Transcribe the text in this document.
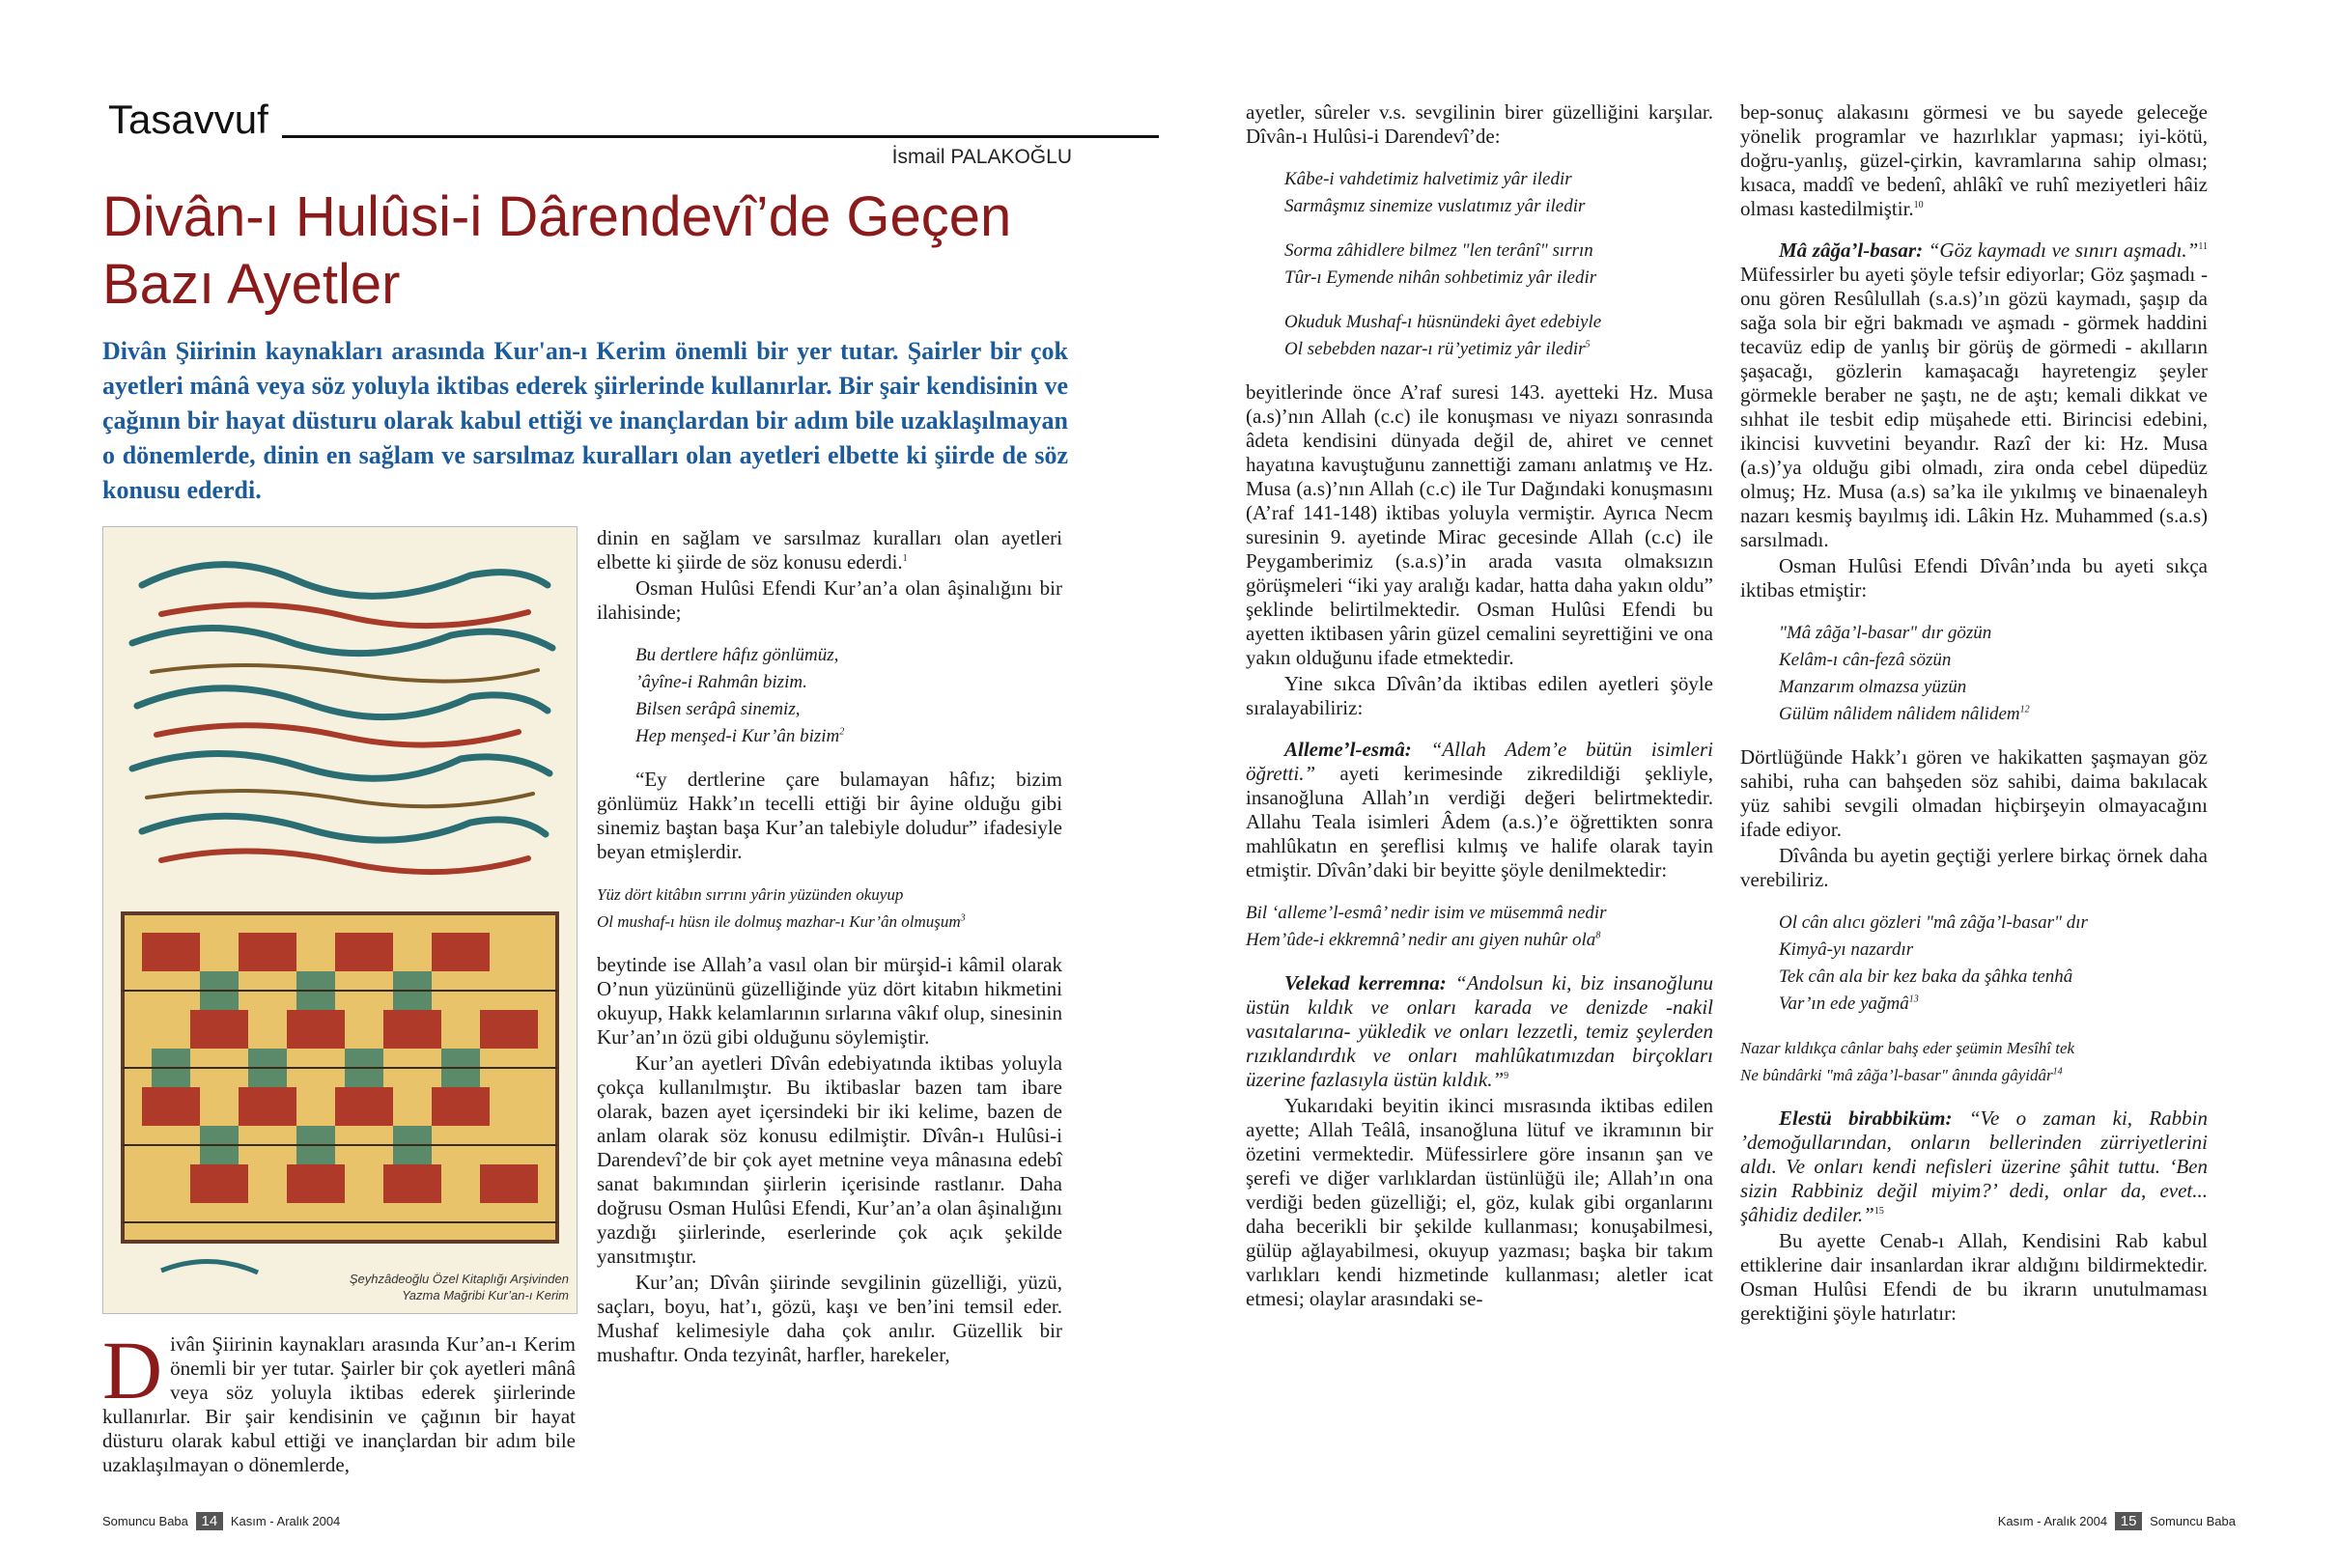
Tasavvuf
İsmail PALAKOĞLU
Divân-ı Hulûsi-i Dârendevî’de Geçen
Bazı Ayetler
Divân Şiirinin kaynakları arasında Kur'an-ı Kerim önemli bir yer tutar. Şairler bir çok ayetleri mânâ veya söz yoluyla iktibas ederek şiirlerinde kullanırlar. Bir şair kendisinin ve çağının bir hayat düsturu olarak kabul ettiği ve inançlardan bir adım bile uzaklaşılmayan o dönemlerde, dinin en sağlam ve sarsılmaz kuralları olan ayetleri elbette ki şiirde de söz konusu ederdi.
Şeyhzâdeoğlu Özel Kitaplığı Arşivinden
Yazma Mağribi Kur’an-ı Kerim
D ivân Şiirinin kaynakları arasında Kur’an-ı Kerim önemli bir yer tutar. Şairler bir çok ayetleri mânâ veya söz yoluyla iktibas ederek şiirlerinde kullanırlar. Bir şair kendisinin ve çağının bir hayat düsturu olarak kabul ettiği ve inançlardan bir adım bile uzaklaşılmayan o dönemlerde,

dinin en sağlam ve sarsılmaz kuralları olan ayetleri elbette ki şiirde de söz konusu ederdi.$^1$

Osman Hulûsi Efendi Kur’an’a olan âşinalığını bir ilahisinde;

Bu dertlere hâfız gönlümüz,
’âyîne-i Rahmân bizim.
Bilsen serâpâ sinemiz,
Hep menşed-i Kur’ân bizim$^2$

“Ey dertlerine çare bulamayan hâfız; bizim gönlümüz Hakk’ın tecelli ettiği bir âyine olduğu gibi sinemiz baştan başa Kur’an talebiyle doludur” ifadesiyle beyan etmişlerdir.

Yüz dört kitâbın sırrını yârin yüzünden okuyup
Ol mushaf-ı hüsn ile dolmuş mazhar-ı Kur’ân olmuşum$^3$

beytinde ise Allah’a vasıl olan bir mürşid-i kâmil olarak O’nun yüzününü güzelliğinde yüz dört kitabın hikmetini okuyup, Hakk kelamlarının sırlarına vâkıf olup, sinesinin Kur’an’ın özü gibi olduğunu söylemiştir.

Kur’an ayetleri Dîvân edebiyatında iktibas yoluyla çokça kullanılmıştır. Bu iktibaslar bazen tam ibare olarak, bazen ayet içersindeki bir iki kelime, bazen de anlam olarak söz konusu edilmiştir. Dîvân-ı Hulûsi-i Darendevî’de bir çok ayet metnine veya mânasına edebî sanat bakımından şiirlerin içerisinde rastlanır. Daha doğrusu Osman Hulûsi Efendi, Kur’an’a olan âşinalığını yazdığı şiirlerinde, eserlerinde çok açık şekilde yansıtmıştır.

Kur’an; Dîvân şiirinde sevgilinin güzelliği, yüzü, saçları, boyu, hat’ı, gözü, kaşı ve ben’ini temsil eder. Mushaf kelimesiyle daha çok anılır. Güzellik bir mushaftır. Onda tezyinât, harfler, harekeler,

Somuncu Baba 14 Kasım - Aralık 2004

ayetler, sûreler v.s. sevgilinin birer güzelliğini karşılar. Dîvân-ı Hulûsi-i Darendevî’de:

Kâbe-i vahdetimiz halvetimiz yâr iledir
Sarmâşmız sinemize vuslatımız yâr iledir
Sorma zâhidlere bilmez "len terânî" sırrın
Tûr-ı Eymende nihân sohbetimiz yâr iledir
Okuduk Mushaf-ı hüsnündeki âyet edebiyle
Ol sebebden nazar-ı rü’yetimiz yâr iledir$^5$

beyitlerinde önce A’raf suresi 143. ayetteki Hz. Musa (a.s)’nın Allah (c.c) ile konuşması ve niyazı sonrasında âdeta kendisini dünyada değil de, ahiret ve cennet hayatına kavuştuğunu zannettiği zamanı anlatmış ve Hz. Musa (a.s)’nın Allah (c.c) ile Tur Dağındaki konuşmasını (A’raf 141-148) iktibas yoluyla vermiştir. Ayrıca Necm suresinin 9. ayetinde Mirac gecesinde Allah (c.c) ile Peygamberimiz (s.a.s)’in arada vasıta olmaksızın görüşmeleri “iki yay aralığı kadar, hatta daha yakın oldu” şeklinde belirtilmektedir. Osman Hulûsi Efendi bu ayetten iktibasen yârin güzel cemalini seyrettiğini ve ona yakın olduğunu ifade etmektedir.

Yine sıkca Dîvân’da iktibas edilen ayetleri şöyle sıralayabiliriz:

Alleme’l-esmâ: “Allah Adem’e bütün isimleri öğretti.” ayeti kerimesinde zikredildiği şekliyle, insanoğluna Allah’ın verdiği değeri belirtmektedir. Allahu Teala isimleri Âdem (a.s.)’e öğrettikten sonra mahlûkatın en şereflisi kılmış ve halife olarak tayin etmiştir. Dîvân’daki bir beyitte şöyle denilmektedir:

Bil ‘alleme’l-esmâ’ nedir isim ve müsemmâ nedir
Hem’ûde-i ekkremnâ’ nedir anı giyen nuhûr ola$^8$

Velekad kerremna: “Andolsun ki, biz insanoğlunu üstün kıldık ve onları karada ve denizde -nakil vasıtalarına- yükledik ve onları lezzetli, temiz şeylerden rızıklandırdık ve onları mahlûkatımızdan birçokları üzerine fazlasıyla üstün kıldık.”$^9$

Yukarıdaki beyitin ikinci mısrasında iktibas edilen ayette; Allah Teâlâ, insanoğluna lütuf ve ikramının bir özetini vermektedir. Müfessirlere göre insanın şan ve şerefi ve diğer varlıklardan üstünlüğü ile; Allah’ın ona verdiği beden güzelliği; el, göz, kulak gibi organlarını daha becerikli bir şekilde kullanması; konuşabilmesi, gülüp ağlayabilmesi, okuyup yazması; başka bir takım varlıkları kendi hizmetinde kullanması; aletler icat etmesi; olaylar arasındaki se-

bep-sonuç alakasını görmesi ve bu sayede geleceğe yönelik programlar ve hazırlıklar yapması; iyi-kötü, doğru-yanlış, güzel-çirkin, kavramlarına sahip olması; kısaca, maddî ve bedenî, ahlâkî ve ruhî meziyetleri hâiz olması kastedilmiştir.$^{10}$

Mâ zâğa’l-basar: “Göz kaymadı ve sınırı aşmadı.”$^{11}$ Müfessirler bu ayeti şöyle tefsir ediyorlar; Göz şaşmadı - onu gören Resûlullah (s.a.s)’ın gözü kaymadı, şaşıp da sağa sola bir eğri bakmadı ve aşmadı - görmek haddini tecavüz edip de yanlış bir görüş de görmedi - akılların şaşacağı, gözlerin kamaşacağı hayretengiz şeyler görmekle beraber ne şaştı, ne de aştı; kemali dikkat ve sıhhat ile tesbit edip müşahede etti. Birincisi edebini, ikincisi kuvvetini beyandır. Razî der ki: Hz. Musa (a.s)’ya olduğu gibi olmadı, zira onda cebel düpedüz olmuş; Hz. Musa (a.s) sa’ka ile yıkılmış ve binaenaleyh nazarı kesmiş bayılmış idi. Lâkin Hz. Muhammed (s.a.s) sarsılmadı.

Osman Hulûsi Efendi Dîvân’ında bu ayeti sıkça iktibas etmiştir:

"Mâ zâğa’l-basar" dır gözün
Kelâm-ı cân-fezâ sözün
Manzarım olmazsa yüzün
Gülüm nâlidem nâlidem nâlidem$^{12}$

Dörtlüğünde Hakk’ı gören ve hakikatten şaşmayan göz sahibi, ruha can bahşeden söz sahibi, daima bakılacak yüz sahibi sevgili olmadan hiçbirşeyin olmayacağını ifade ediyor.

Dîvânda bu ayetin geçtiği yerlere birkaç örnek daha verebiliriz.

Ol cân alıcı gözleri "mâ zâğa’l-basar" dır
Kimyâ-yı nazardır
Tek cân ala bir kez baka da şâhka tenhâ
Var’ın ede yağmâ$^{13}$
Nazar kıldıkça cânlar bahş eder şeümin Mesîhî tek
Ne bûndârki "mâ zâğa’l-basar" ânında gâyidâr$^{14}$

Elestü birabbiküm: “Ve o zaman ki, Rabbin ’demoğullarından, onların bellerinden zürriyetlerini aldı. Ve onları kendi nefisleri üzerine şâhit tuttu. ‘Ben sizin Rabbiniz değil miyim?’ dedi, onlar da, evet... şâhidiz dediler.”$^{15}$

Bu ayette Cenab-ı Allah, Kendisini Rab kabul ettiklerine dair insanlardan ikrar aldığını bildirmektedir. Osman Hulûsi Efendi de bu ikrarın unutulmaması gerektiğini şöyle hatırlatır:

Kasım - Aralık 2004 15 Somuncu Baba
